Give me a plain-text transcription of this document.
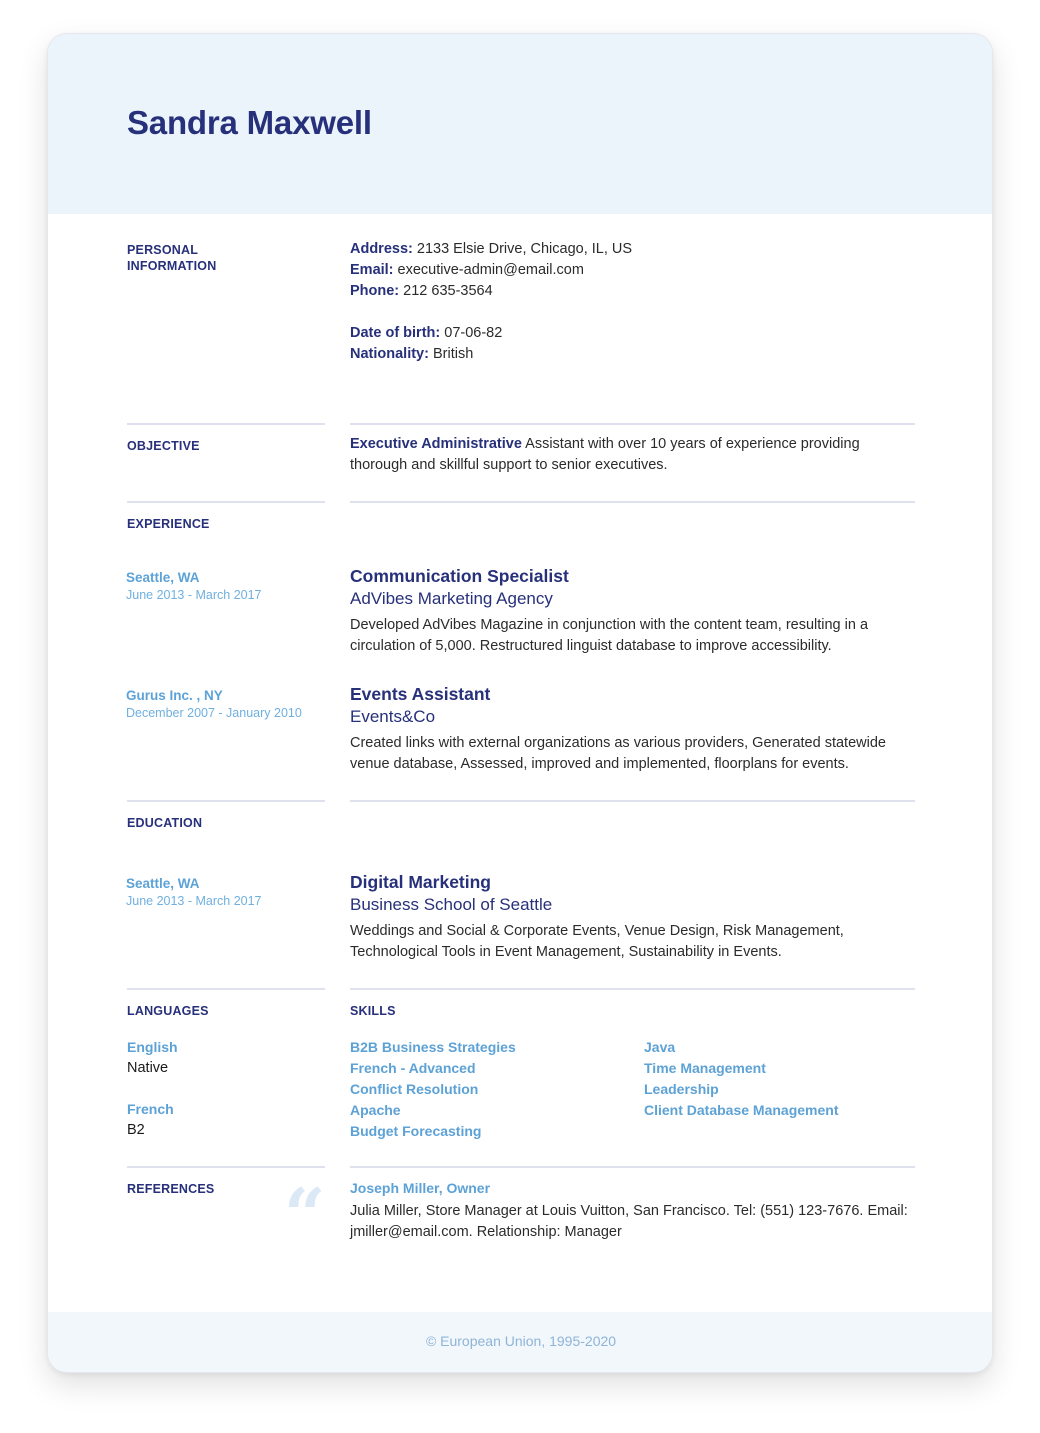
Sandra Maxwell
PERSONAL
INFORMATION
Address: 2133 Elsie Drive, Chicago, IL, US
Email: executive-admin@email.com
Phone: 212 635-3564
Date of birth: 07-06-82
Nationality: British
OBJECTIVE	Executive Administrative Assistant with over 10 years of experience providing thorough and skillful support to senior executives.
EXPERIENCE
Seattle, WA
June 2013 - March 2017
Communication Specialist
AdVibes Marketing Agency
Developed AdVibes Magazine in conjunction with the content team, resulting in a circulation of 5,000. Restructured linguist database to improve accessibility.
Gurus Inc. , NY
December 2007 - January 2010
Events Assistant
Events&Co
Created links with external organizations as various providers, Generated statewide venue database, Assessed, improved and implemented, floorplans for events.
EDUCATION
Seattle, WA
June 2013 - March 2017
Digital Marketing
Business School of Seattle
Weddings and Social & Corporate Events, Venue Design, Risk Management, Technological Tools in Event Management, Sustainability in Events.
LANGUAGES	SKILLS
English
Native
French
B2
B2B Business Strategies
French - Advanced
Conflict Resolution
Apache
Budget Forecasting
Java
Time Management
Leadership
Client Database Management
REFERENCES “ Joseph Miller, Owner
Julia Miller, Store Manager at Louis Vuitton, San Francisco. Tel: (551) 123-7676. Email: jmiller@email.com. Relationship: Manager
© European Union, 1995-2020
